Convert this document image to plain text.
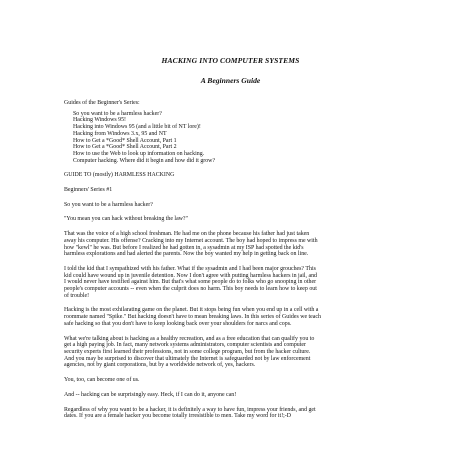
HACKING INTO COMPUTER SYSTEMS

A Beginners Guide

Guides of the Beginner's Series:

So you want to be a harmless hacker?
Hacking Windows 95!
Hacking into Windows 95 (and a little bit of NT lore)!
Hacking from Windows 3.x, 95 and NT
How to Get a *Good* Shell Account, Part 1
How to Get a *Good* Shell Account, Part 2
How to use the Web to look up information on hacking.
Computer hacking. Where did it begin and how did it grow?

GUIDE TO (mostly) HARMLESS HACKING

Beginners' Series #1

So you want to be a harmless hacker?

"You mean you can hack without breaking the law?"

That was the voice of a high school freshman. He had me on the phone because his father had just taken

away his computer. His offense? Cracking into my Internet account. The boy had hoped to impress me with

how "kewl" he was. But before I realized he had gotten in, a sysadmin at my ISP had spotted the kid's

harmless explorations and had alerted the parents. Now the boy wanted my help in getting back on line.

I told the kid that I sympathized with his father. What if the sysadmin and I had been major grouches? This

kid could have wound up in juvenile detention. Now I don't agree with putting harmless hackers in jail, and

I would never have testified against him. But that's what some people do to folks who go snooping in other

people's computer accounts -- even when the culprit does no harm. This boy needs to learn how to keep out

of trouble!

Hacking is the most exhilarating game on the planet. But it stops being fun when you end up in a cell with a

roommate named "Spike." But hacking doesn't have to mean breaking laws. In this series of Guides we teach

safe hacking so that you don't have to keep looking back over your shoulders for narcs and cops.

What we're talking about is hacking as a healthy recreation, and as a free education that can qualify you to

get a high paying job. In fact, many network systems administrators, computer scientists and computer

security experts first learned their professions, not in some college program, but from the hacker culture.

And you may be surprised to discover that ultimately the Internet is safeguarded not by law enforcement

agencies, not by giant corporations, but by a worldwide network of, yes, hackers.

You, too, can become one of us.

And -- hacking can be surprisingly easy. Heck, if I can do it, anyone can!

Regardless of why you want to be a hacker, it is definitely a way to have fun, impress your friends, and get

dates. If you are a female hacker you become totally irresistible to men. Take my word for it!;-D
